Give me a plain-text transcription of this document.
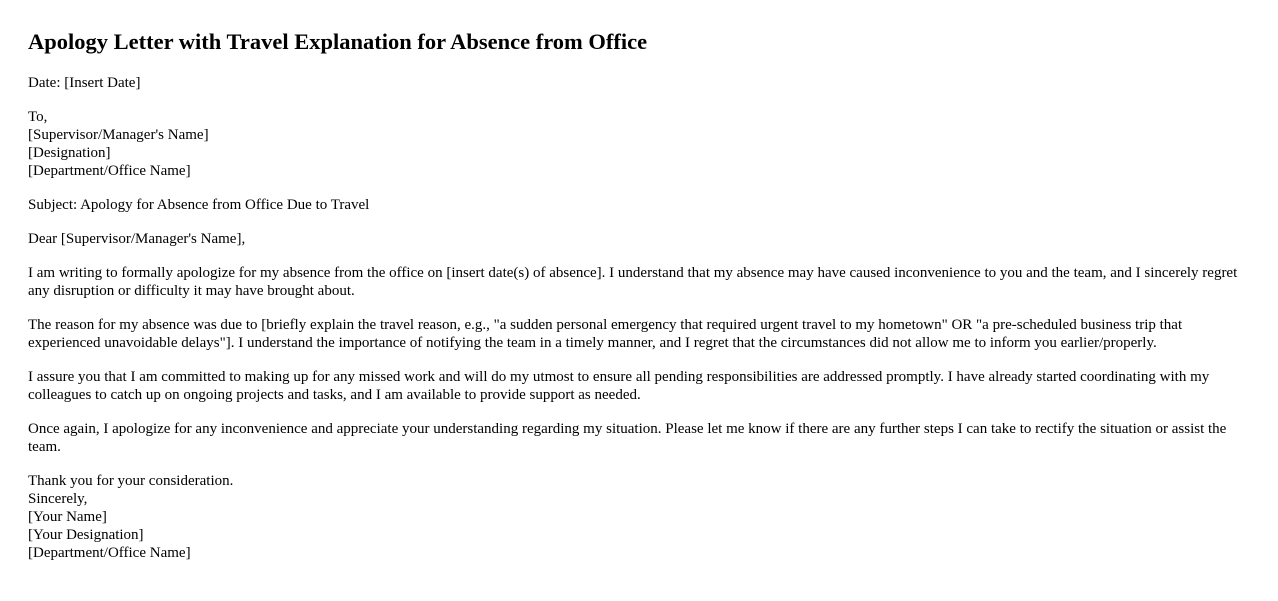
Apology Letter with Travel Explanation for Absence from Office

Date: [Insert Date]

To,
[Supervisor/Manager's Name]
[Designation]
[Department/Office Name]

Subject: Apology for Absence from Office Due to Travel

Dear [Supervisor/Manager's Name],

I am writing to formally apologize for my absence from the office on [insert date(s) of absence]. I understand that my absence may have caused inconvenience to you and the team, and I sincerely regret any disruption or difficulty it may have brought about.

The reason for my absence was due to [briefly explain the travel reason, e.g., "a sudden personal emergency that required urgent travel to my hometown" OR "a pre-scheduled business trip that experienced unavoidable delays"]. I understand the importance of notifying the team in a timely manner, and I regret that the circumstances did not allow me to inform you earlier/properly.

I assure you that I am committed to making up for any missed work and will do my utmost to ensure all pending responsibilities are addressed promptly. I have already started coordinating with my colleagues to catch up on ongoing projects and tasks, and I am available to provide support as needed.

Once again, I apologize for any inconvenience and appreciate your understanding regarding my situation. Please let me know if there are any further steps I can take to rectify the situation or assist the team.

Thank you for your consideration.
Sincerely,
[Your Name]
[Your Designation]
[Department/Office Name]
